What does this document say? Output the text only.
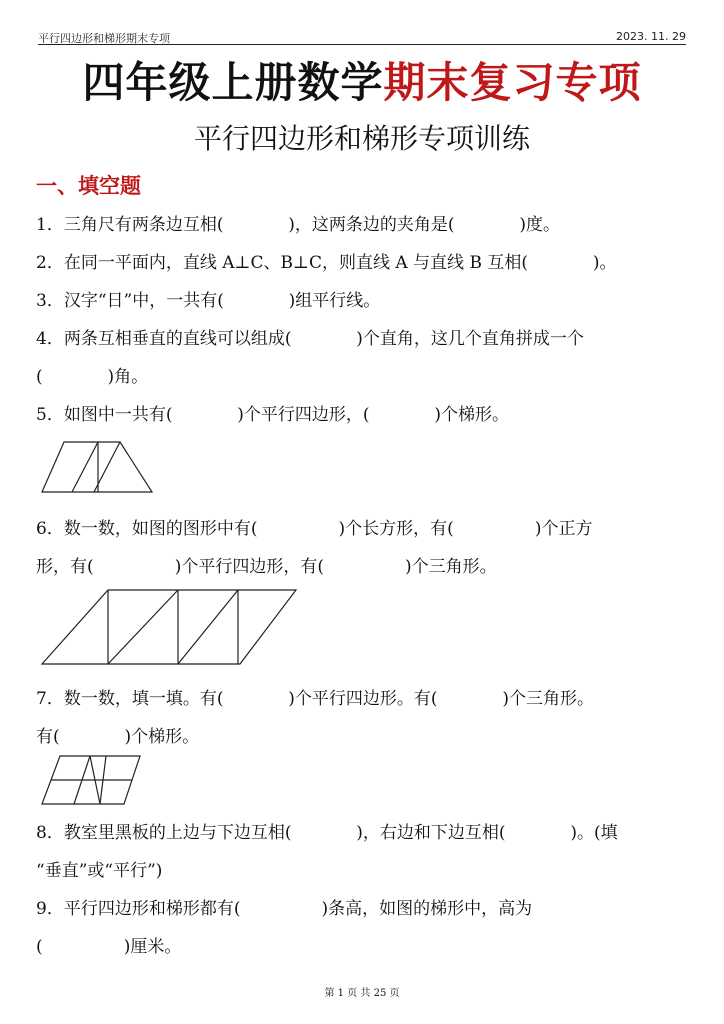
平行四边形和梯形期末专项	2023. 11. 29
四年级上册数学期末复习专项
平行四边形和梯形专项训练
一、填空题
1．三角尺有两条边互相(            )，这两条边的夹角是(            )度。
2．在同一平面内，直线 A⊥C、B⊥C，则直线 A 与直线 B 互相(            )。
3．汉字“日”中，一共有(            )组平行线。
4．两条互相垂直的直线可以组成(            )个直角，这几个直角拼成一个
(            )角。
5．如图中一共有(            )个平行四边形，(            )个梯形。
6．数一数，如图的图形中有(               )个长方形，有(               )个正方
形，有(               )个平行四边形，有(               )个三角形。
7．数一数，填一填。有(            )个平行四边形。有(            )个三角形。
有(            )个梯形。
8．教室里黑板的上边与下边互相(            )，右边和下边互相(            )。(填
“垂直”或“平行”)
9．平行四边形和梯形都有(               )条高，如图的梯形中，高为
(               )厘米。
第 1 页 共 25 页
